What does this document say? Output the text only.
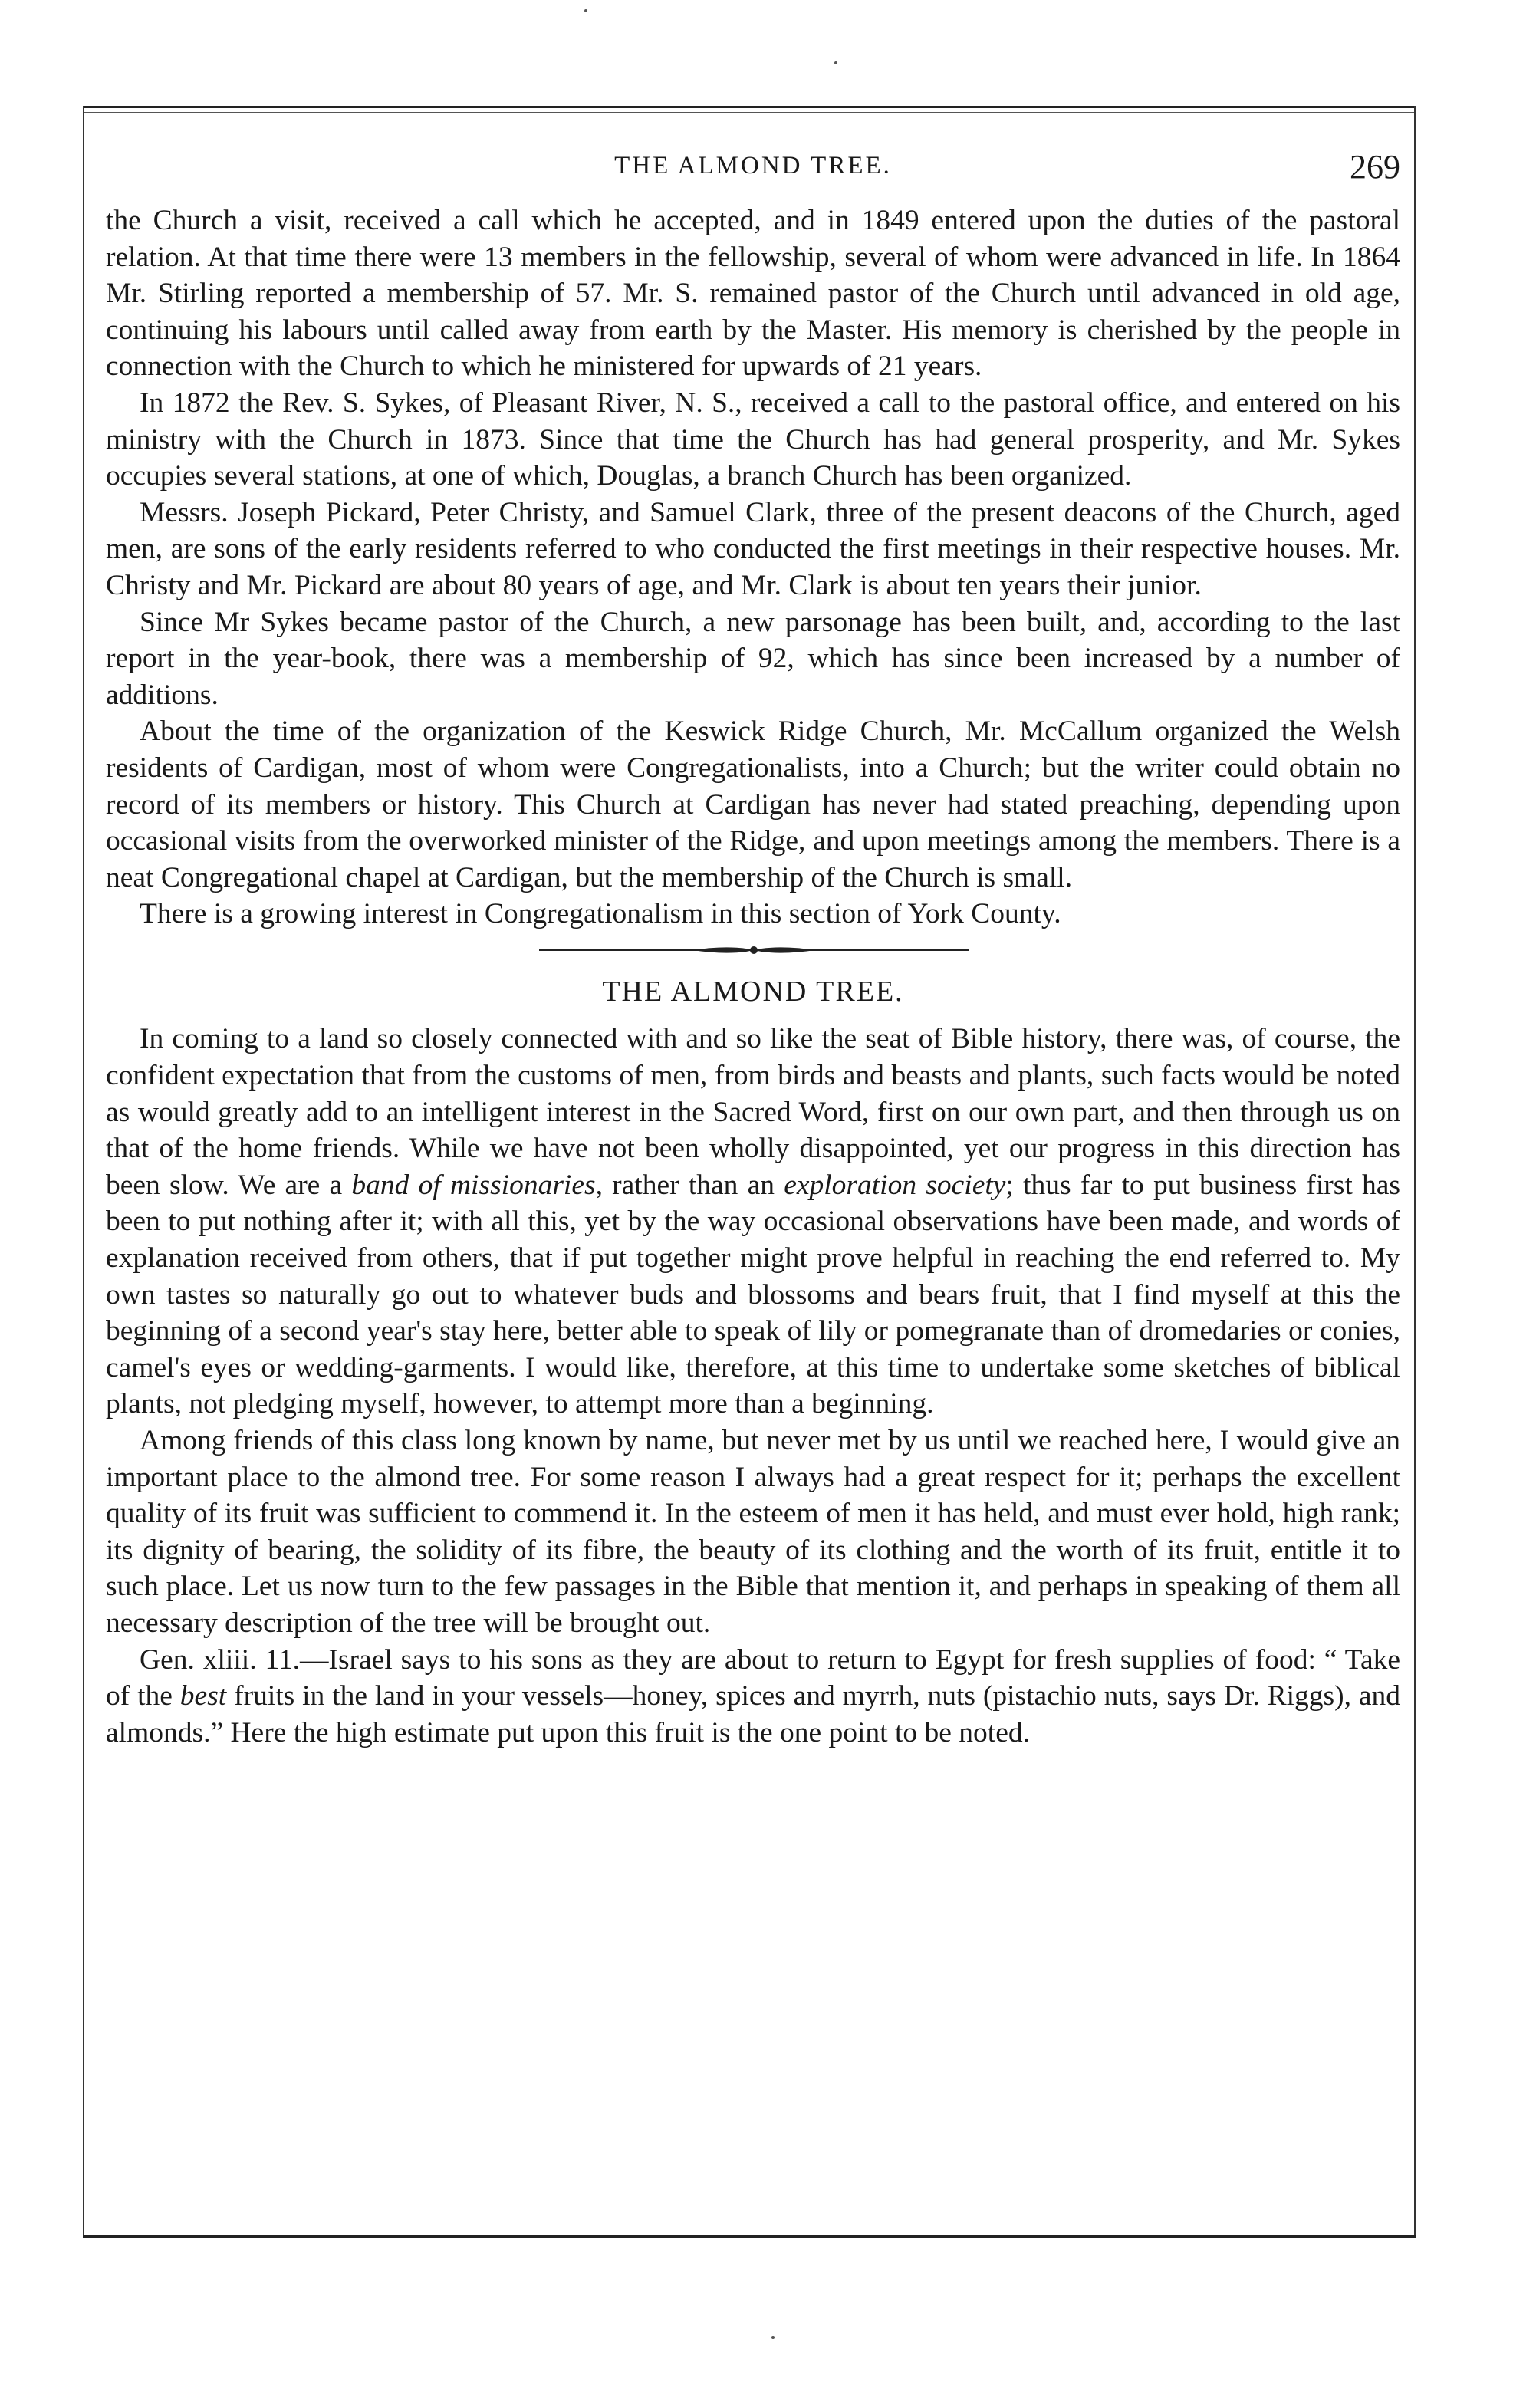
THE ALMOND TREE.	269

the Church a visit, received a call which he accepted, and in 1849 entered upon the duties of the pastoral relation. At that time there were 13 members in the fellowship, several of whom were advanced in life. In 1864 Mr. Stirling reported a membership of 57. Mr. S. remained pastor of the Church until advanced in old age, continuing his labours until called away from earth by the Master. His memory is cherished by the people in connection with the Church to which he ministered for upwards of 21 years.

In 1872 the Rev. S. Sykes, of Pleasant River, N. S., received a call to the pastoral office, and entered on his ministry with the Church in 1873. Since that time the Church has had general prosperity, and Mr. Sykes occupies several stations, at one of which, Douglas, a branch Church has been organized.

Messrs. Joseph Pickard, Peter Christy, and Samuel Clark, three of the present deacons of the Church, aged men, are sons of the early residents referred to who conducted the first meetings in their respective houses. Mr. Christy and Mr. Pickard are about 80 years of age, and Mr. Clark is about ten years their junior.

Since Mr Sykes became pastor of the Church, a new parsonage has been built, and, according to the last report in the year-book, there was a membership of 92, which has since been increased by a number of additions.

About the time of the organization of the Keswick Ridge Church, Mr. McCallum organized the Welsh residents of Cardigan, most of whom were Congregationalists, into a Church; but the writer could obtain no record of its members or history. This Church at Cardigan has never had stated preaching, depending upon occasional visits from the overworked minister of the Ridge, and upon meetings among the members. There is a neat Congregational chapel at Cardigan, but the membership of the Church is small.

There is a growing interest in Congregationalism in this section of York County.

THE ALMOND TREE.

In coming to a land so closely connected with and so like the seat of Bible history, there was, of course, the confident expectation that from the customs of men, from birds and beasts and plants, such facts would be noted as would greatly add to an intelligent interest in the Sacred Word, first on our own part, and then through us on that of the home friends. While we have not been wholly disappointed, yet our progress in this direction has been slow. We are a band of missionaries, rather than an exploration society; thus far to put business first has been to put nothing after it; with all this, yet by the way occasional observations have been made, and words of explanation received from others, that if put together might prove helpful in reaching the end referred to. My own tastes so naturally go out to whatever buds and blossoms and bears fruit, that I find myself at this the beginning of a second year's stay here, better able to speak of lily or pomegranate than of dromedaries or conies, camel's eyes or wedding-garments. I would like, therefore, at this time to undertake some sketches of biblical plants, not pledging myself, however, to attempt more than a beginning.

Among friends of this class long known by name, but never met by us until we reached here, I would give an important place to the almond tree. For some reason I always had a great respect for it; perhaps the excellent quality of its fruit was sufficient to commend it. In the esteem of men it has held, and must ever hold, high rank; its dignity of bearing, the solidity of its fibre, the beauty of its clothing and the worth of its fruit, entitle it to such place. Let us now turn to the few passages in the Bible that mention it, and perhaps in speaking of them all necessary description of the tree will be brought out.

Gen. xliii. 11.—Israel says to his sons as they are about to return to Egypt for fresh supplies of food: “ Take of the best fruits in the land in your vessels—honey, spices and myrrh, nuts (pistachio nuts, says Dr. Riggs), and almonds.” Here the high estimate put upon this fruit is the one point to be noted.
